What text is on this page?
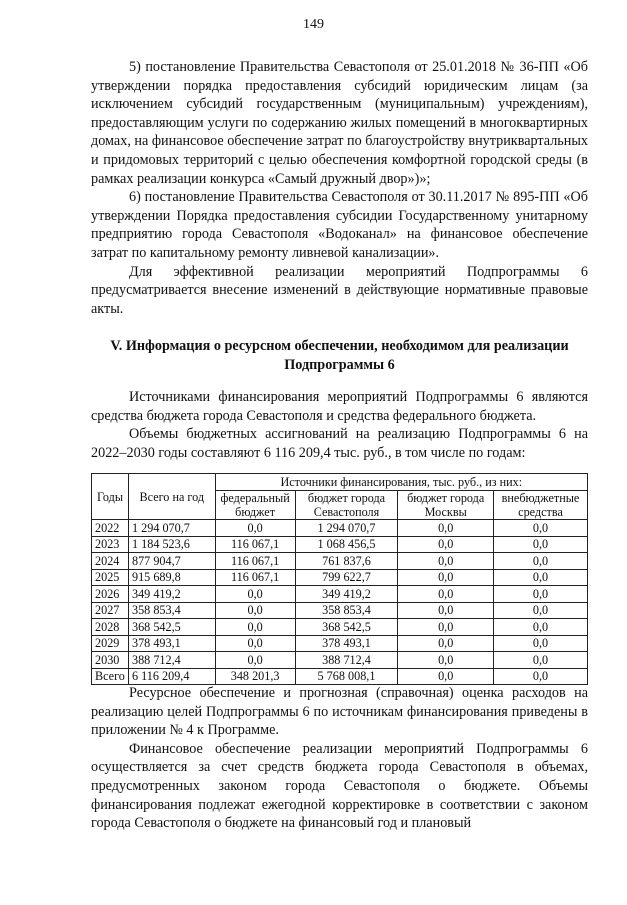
149

5) постановление Правительства Севастополя от 25.01.2018 № 36-ПП «Об утверждении порядка предоставления субсидий юридическим лицам (за исключением субсидий государственным (муниципальным) учреждениям), предоставляющим услуги по содержанию жилых помещений в многоквартирных домах, на финансовое обеспечение затрат по благоустройству внутриквартальных и придомовых территорий с целью обеспечения комфортной городской среды (в рамках реализации конкурса «Самый дружный двор»)»;

6) постановление Правительства Севастополя от 30.11.2017 № 895-ПП «Об утверждении Порядка предоставления субсидии Государственному унитарному предприятию города Севастополя «Водоканал» на финансовое обеспечение затрат по капитальному ремонту ливневой канализации».

Для эффективной реализации мероприятий Подпрограммы 6 предусматривается внесение изменений в действующие нормативные правовые акты.

V. Информация о ресурсном обеспечении, необходимом для реализации Подпрограммы 6

Источниками финансирования мероприятий Подпрограммы 6 являются средства бюджета города Севастополя и средства федерального бюджета.

Объемы бюджетных ассигнований на реализацию Подпрограммы 6 на 2022–2030 годы составляют 6 116 209,4 тыс. руб., в том числе по годам:

Годы	Всего на год	Источники финансирования, тыс. руб., из них:			
		федеральный бюджет	бюджет города Севастополя	бюджет города Москвы	внебюджетные средства
2022	1 294 070,7	0,0	1 294 070,7	0,0	0,0
2023	1 184 523,6	116 067,1	1 068 456,5	0,0	0,0
2024	877 904,7	116 067,1	761 837,6	0,0	0,0
2025	915 689,8	116 067,1	799 622,7	0,0	0,0
2026	349 419,2	0,0	349 419,2	0,0	0,0
2027	358 853,4	0,0	358 853,4	0,0	0,0
2028	368 542,5	0,0	368 542,5	0,0	0,0
2029	378 493,1	0,0	378 493,1	0,0	0,0
2030	388 712,4	0,0	388 712,4	0,0	0,0
Всего	6 116 209,4	348 201,3	5 768 008,1	0,0	0,0

Ресурсное обеспечение и прогнозная (справочная) оценка расходов на реализацию целей Подпрограммы 6 по источникам финансирования приведены в приложении № 4 к Программе.

Финансовое обеспечение реализации мероприятий Подпрограммы 6 осуществляется за счет средств бюджета города Севастополя в объемах, предусмотренных законом города Севастополя о бюджете. Объемы финансирования подлежат ежегодной корректировке в соответствии с законом города Севастополя о бюджете на финансовый год и плановый
